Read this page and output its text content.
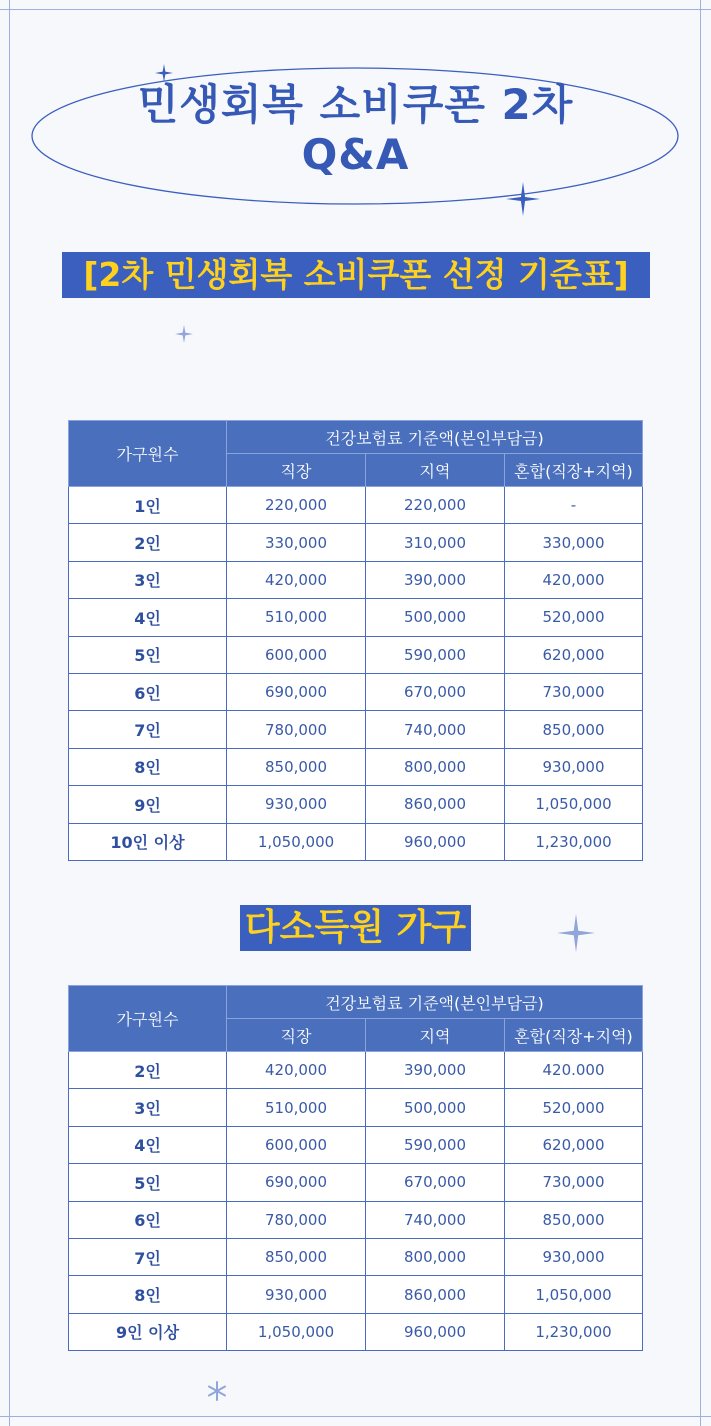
민생회복 소비쿠폰 2차
Q&A
[2차 민생회복 소비쿠폰 선정 기준표]
가구원수	건강보험료 기준액(본인부담금)		
	직장	지역	혼합(직장+지역)
1인	220,000	220,000	-
2인	330,000	310,000	330,000
3인	420,000	390,000	420,000
4인	510,000	500,000	520,000
5인	600,000	590,000	620,000
6인	690,000	670,000	730,000
7인	780,000	740,000	850,000
8인	850,000	800,000	930,000
9인	930,000	860,000	1,050,000
10인 이상	1,050,000	960,000	1,230,000
다소득원 가구
가구원수	건강보험료 기준액(본인부담금)		
	직장	지역	혼합(직장+지역)
2인	420,000	390,000	420.000
3인	510,000	500,000	520,000
4인	600,000	590,000	620,000
5인	690,000	670,000	730,000
6인	780,000	740,000	850,000
7인	850,000	800,000	930,000
8인	930,000	860,000	1,050,000
9인 이상	1,050,000	960,000	1,230,000
